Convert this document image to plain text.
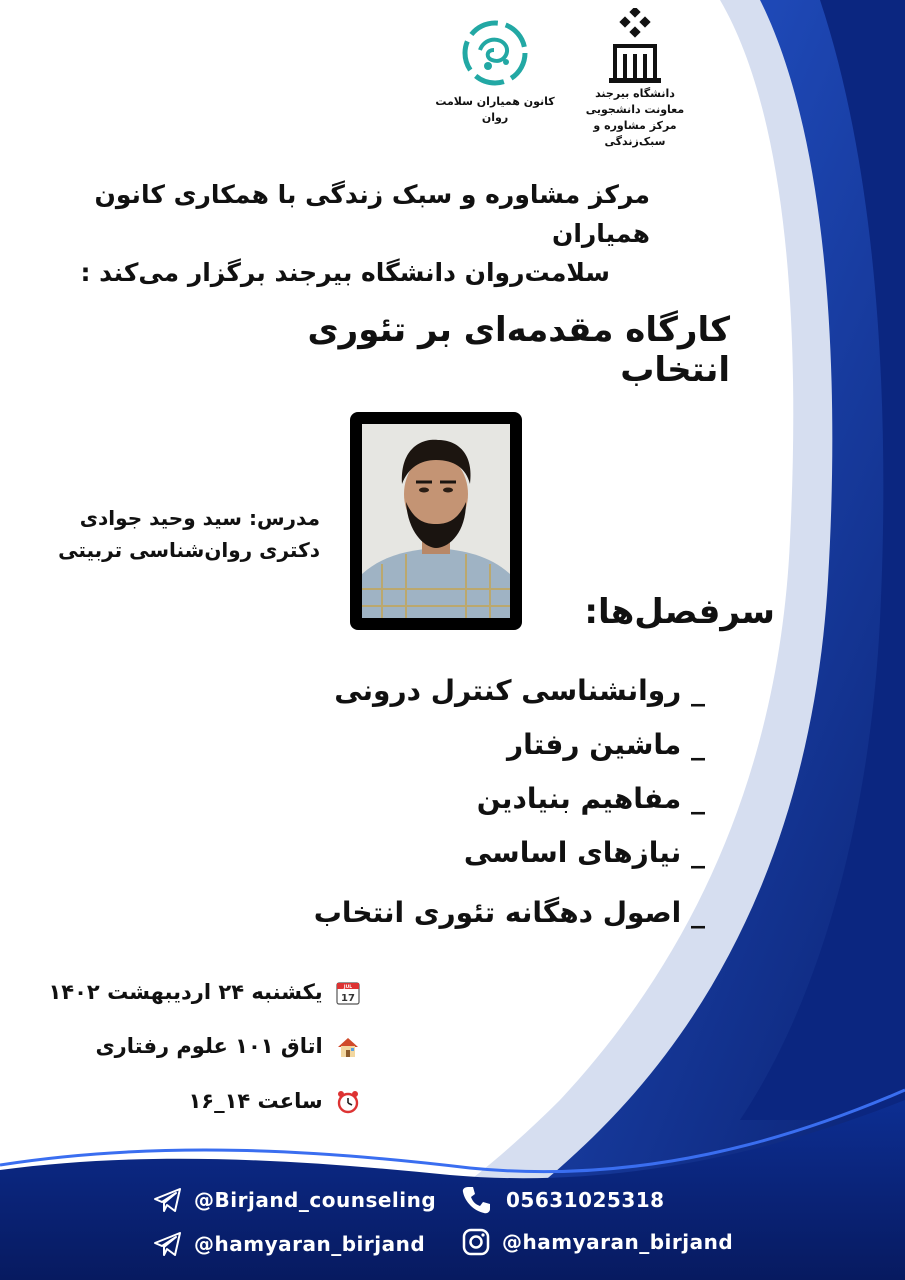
دانشگاه بیرجند
معاونت دانشجویی
مرکز مشاوره و سبک‌زندگی
کانون همیاران سلامت روان
مرکز مشاوره و سبک زندگی با همکاری کانون همیاران
سلامت‌روان دانشگاه بیرجند برگزار می‌کند :
کارگاه مقدمه‌ای بر تئوری انتخاب
مدرس: سید وحید جوادی
دکتری روان‌شناسی تربیتی
سرفصل‌ها:
_ روانشناسی کنترل درونی
_ ماشین رفتار
_ مفاهیم بنیادین
_ نیازهای اساسی
_ اصول دهگانه تئوری انتخاب
JUL
17
یکشنبه ۲۴ اردیبهشت ۱۴۰۲
اتاق ۱۰۱ علوم رفتاری
ساعت ۱۴_۱۶
@Birjand_counseling
@hamyaran_birjand
05631025318
@hamyaran_birjand
